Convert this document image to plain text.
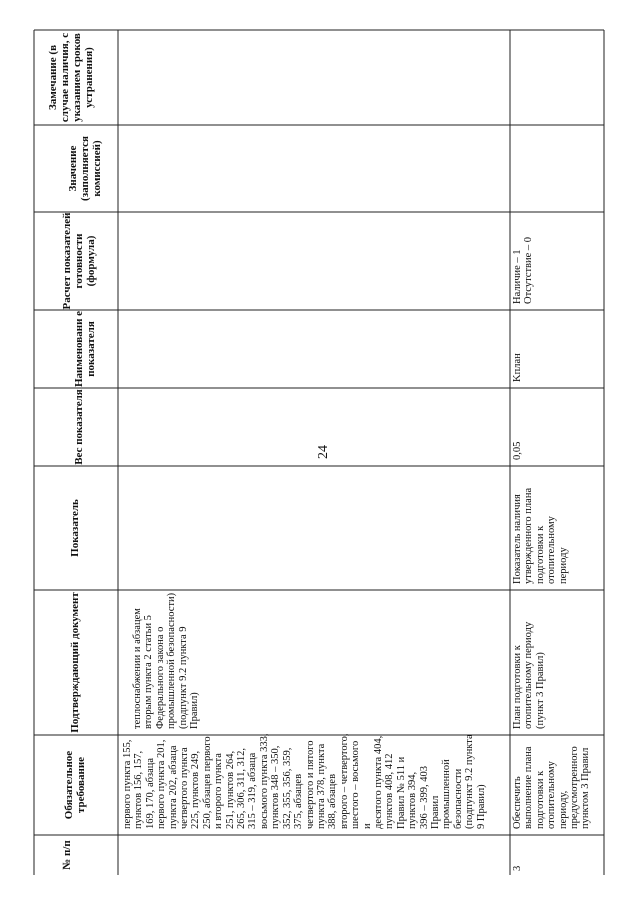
24
№ п/п
Обязательное требование
Подтверждающий документ
Показатель
Вес показателя
Наименовани е показателя
Расчет показателей готовности (формула)
Значение (заполняется комиссией)
Замечание (в случае наличия, с указанием сроков устранения)
первого пункта 155,
пунктов 156, 157,
169, 170, абзаца
первого пункта 201,
пункта 202, абзаца
четвертого пункта
225, пунктов 249,
250, абзацев первого
и второго пункта
251, пунктов 264,
265, 306, 311, 312,
315 – 319, абзаца
восьмого пункта 333,
пунктов 348 – 350,
352, 355, 356, 359,
375, абзацев
четвертого и пятого
пункта 378, пункта
388, абзацев
второго – четвертого,
шестого – восьмого и
десятого пункта 404,
пунктов 408, 412
Правил № 511 и
пунктов 394,
396 – 399, 403
Правил
промышленной
безопасности
(подпункт 9.2 пункта
9 Правил)
теплоснабжении и абзацем
вторым пункта 2 статьи 5
Федерального закона о
промышленной безопасности)
(подпункт 9.2 пункта 9
Правил)
3
Обеспечить
выполнение плана
подготовки к
отопительному
периоду,
предусмотренного
пунктом 3 Правил
План подготовки к
отопительному периоду
(пункт 3 Правил)
Показатель наличия
утвержденного плана
подготовки к
отопительному
периоду
0,05
Kплан
Наличие – 1
Отсутствие – 0
